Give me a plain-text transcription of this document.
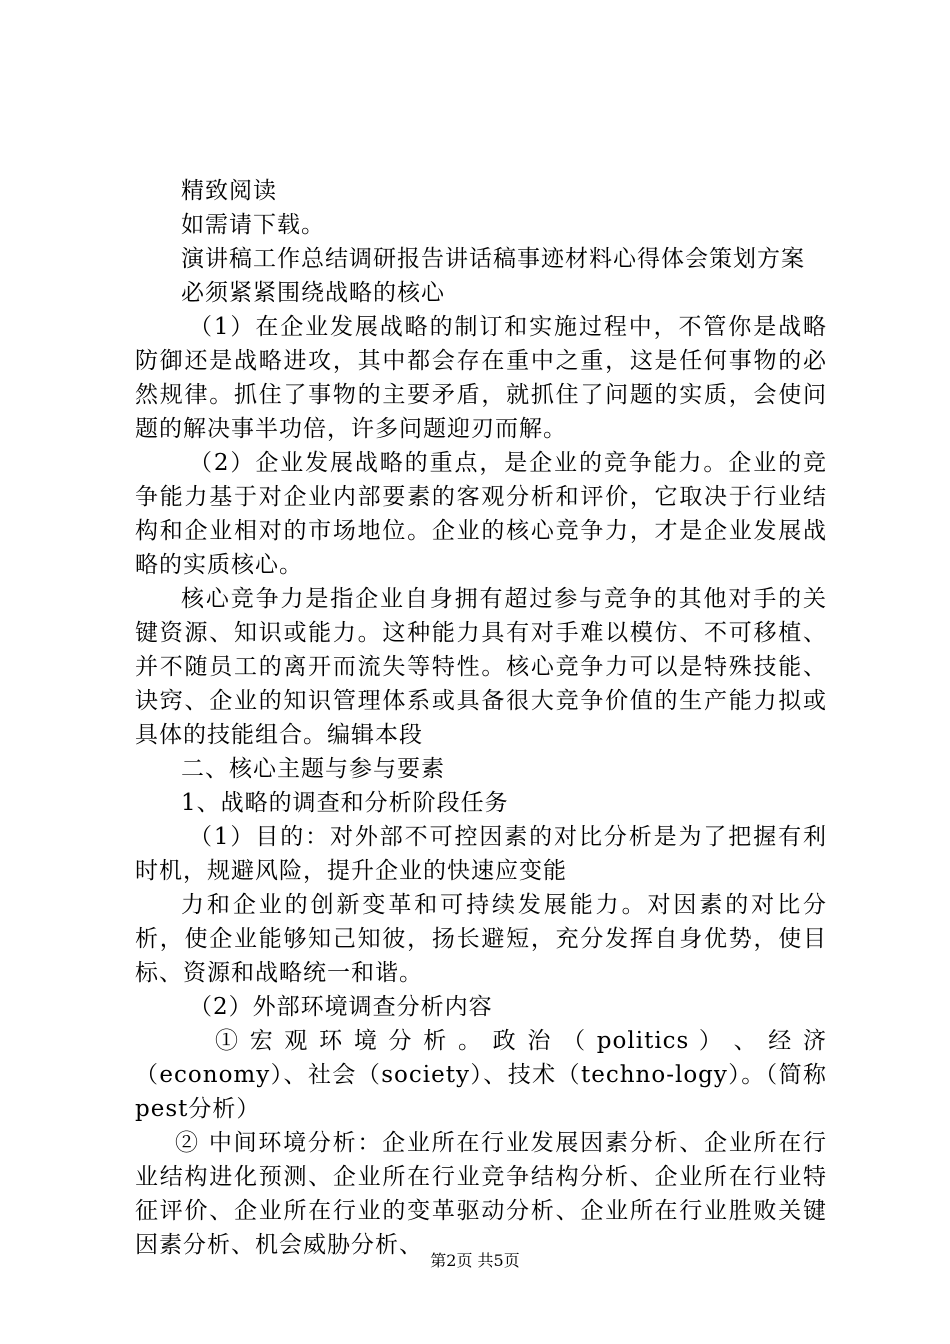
精致阅读

如需请下载。

演讲稿工作总结调研报告讲话稿事迹材料心得体会策划方案

必须紧紧围绕战略的核心

（1）在企业发展战略的制订和实施过程中，不管你是战略防御还是战略进攻，其中都会存在重中之重，这是任何事物的必然规律。抓住了事物的主要矛盾，就抓住了问题的实质，会使问题的解决事半功倍，许多问题迎刃而解。

（2）企业发展战略的重点，是企业的竞争能力。企业的竞争能力基于对企业内部要素的客观分析和评价，它取决于行业结构和企业相对的市场地位。企业的核心竞争力，才是企业发展战略的实质核心。

核心竞争力是指企业自身拥有超过参与竞争的其他对手的关键资源、知识或能力。这种能力具有对手难以模仿、不可移植、并不随员工的离开而流失等特性。核心竞争力可以是特殊技能、诀窍、企业的知识管理体系或具备很大竞争价值的生产能力拟或具体的技能组合。编辑本段

二、核心主题与参与要素

1、战略的调查和分析阶段任务

（1）目的：对外部不可控因素的对比分析是为了把握有利时机，规避风险，提升企业的快速应变能

力和企业的创新变革和可持续发展能力。对因素的对比分析，使企业能够知己知彼，扬长避短，充分发挥自身优势，使目标、资源和战略统一和谐。

（2）外部环境调查分析内容

① 宏 观 环 境 分 析 。 政 治 （ politics ） 、 经 济（economy）、社会（society）、技术（techno-logy）。（简称pest分析）

② 中间环境分析：企业所在行业发展因素分析、企业所在行业结构进化预测、企业所在行业竞争结构分析、企业所在行业特征评价、企业所在行业的变革驱动分析、企业所在行业胜败关键因素分析、机会威胁分析、

第2页 共5页
